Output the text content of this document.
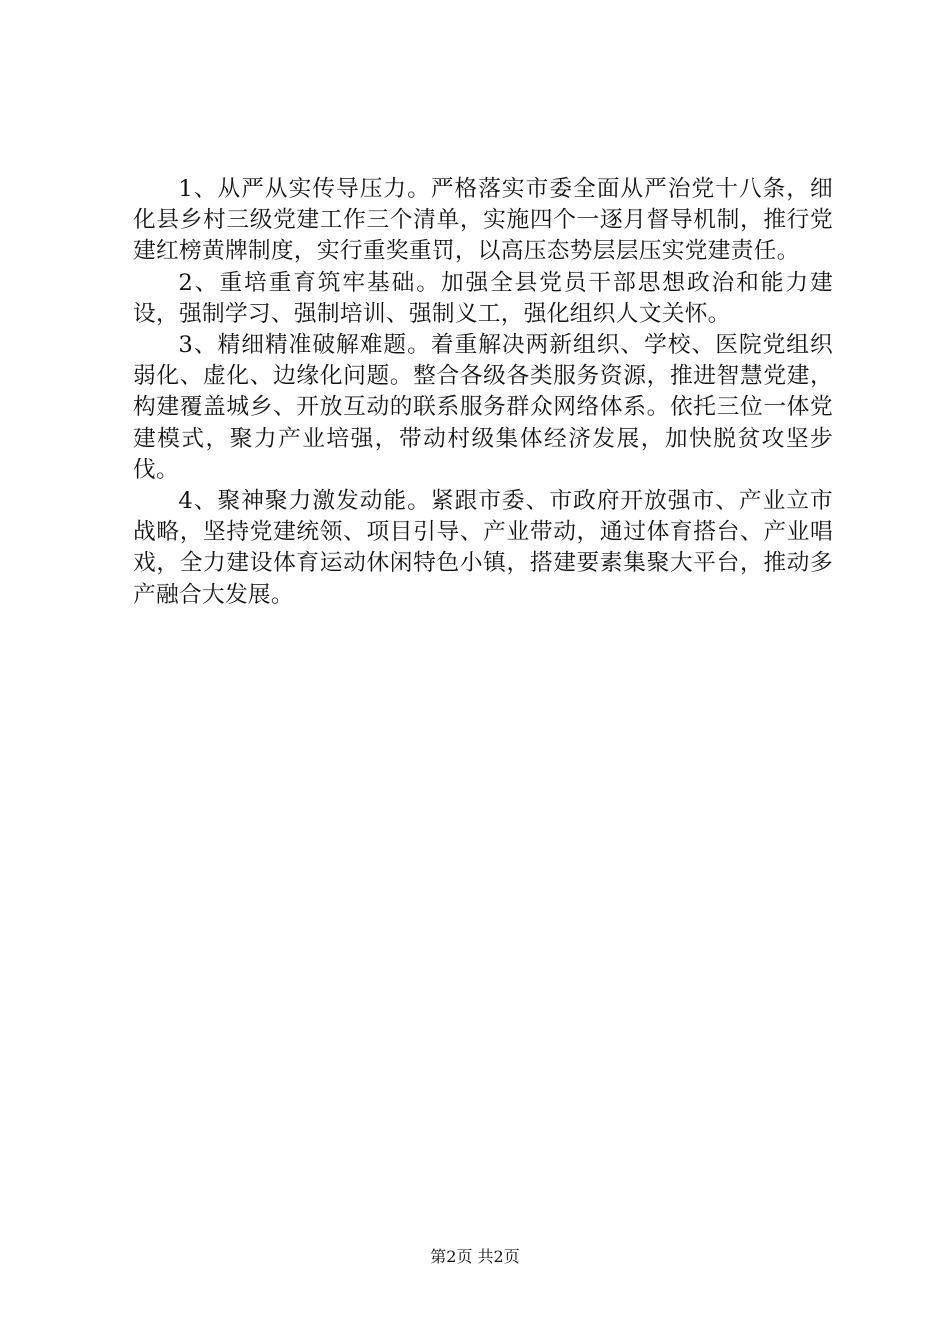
1、从严从实传导压力。严格落实市委全面从严治党十八条，细化县乡村三级党建工作三个清单，实施四个一逐月督导机制，推行党建红榜黄牌制度，实行重奖重罚，以高压态势层层压实党建责任。

2、重培重育筑牢基础。加强全县党员干部思想政治和能力建设，强制学习、强制培训、强制义工，强化组织人文关怀。

3、精细精准破解难题。着重解决两新组织、学校、医院党组织弱化、虚化、边缘化问题。整合各级各类服务资源，推进智慧党建，构建覆盖城乡、开放互动的联系服务群众网络体系。依托三位一体党建模式，聚力产业培强，带动村级集体经济发展，加快脱贫攻坚步伐。

4、聚神聚力激发动能。紧跟市委、市政府开放强市、产业立市战略，坚持党建统领、项目引导、产业带动，通过体育搭台、产业唱戏，全力建设体育运动休闲特色小镇，搭建要素集聚大平台，推动多产融合大发展。

第2页 共2页
